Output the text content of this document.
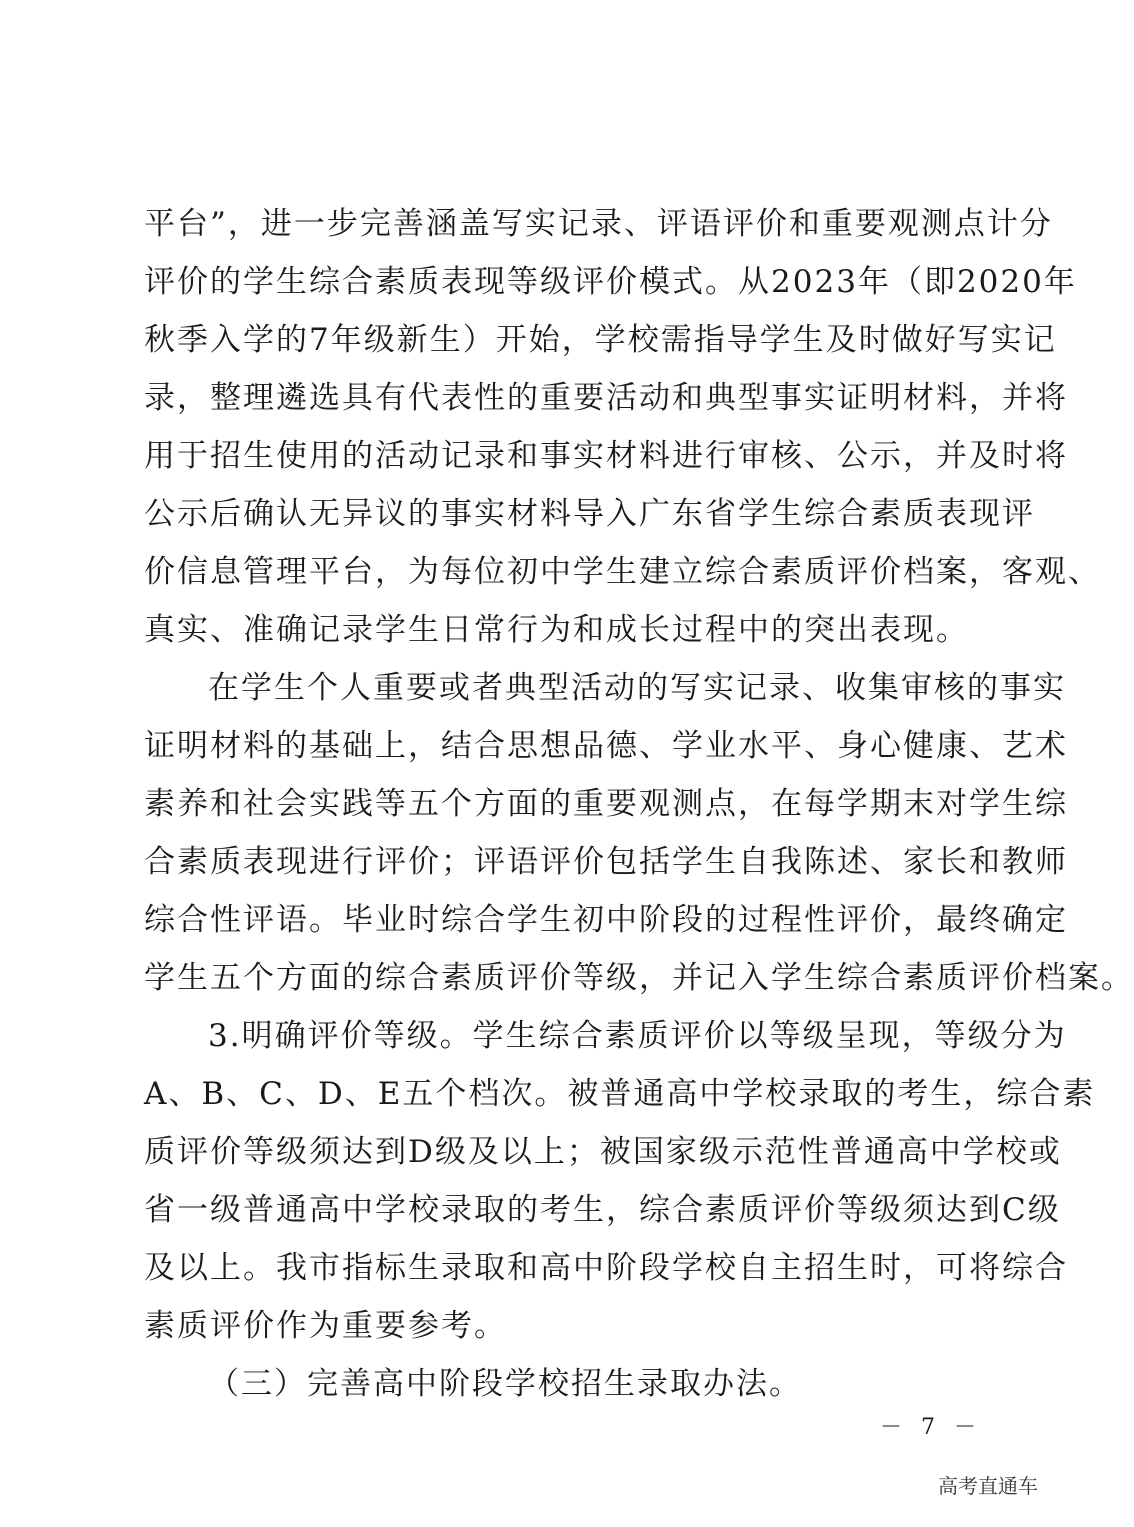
平 台 ” ， 进 一 步 完 善 涵 盖 写 实 记 录 、 评 语 评 价 和 重 要 观 测 点 计 分
评 价 的 学 生 综 合 素 质 表 现 等 级 评 价 模 式 。 从 2 0 2 3 年 （ 即 2 0 2 0 年
秋 季 入 学 的 7 年 级 新 生 ） 开 始 ， 学 校 需 指 导 学 生 及 时 做 好 写 实 记
录 ， 整 理 遴 选 具 有 代 表 性 的 重 要 活 动 和 典 型 事 实 证 明 材 料 ， 并 将
用 于 招 生 使 用 的 活 动 记 录 和 事 实 材 料 进 行 审 核 、 公 示 ， 并 及 时 将
公 示 后 确 认 无 异 议 的 事 实 材 料 导 入 广 东 省 学 生 综 合 素 质 表 现 评
价 信 息 管 理 平 台 ， 为 每 位 初 中 学 生 建 立 综 合 素 质 评 价 档 案 ， 客 观 、
真实、准确记录学生日常行为和成长过程中的突出表现。
在 学 生 个 人 重 要 或 者 典 型 活 动 的 写 实 记 录 、 收 集 审 核 的 事 实
证 明 材 料 的 基 础 上 ， 结 合 思 想 品 德 、 学 业 水 平 、 身 心 健 康 、 艺 术
素 养 和 社 会 实 践 等 五 个 方 面 的 重 要 观 测 点 ， 在 每 学 期 末 对 学 生 综
合 素 质 表 现 进 行 评 价 ； 评 语 评 价 包 括 学 生 自 我 陈 述 、 家 长 和 教 师
综 合 性 评 语 。 毕 业 时 综 合 学 生 初 中 阶 段 的 过 程 性 评 价 ， 最 终 确 定
学生五个方面的综合素质评价等级，并记入学生综合素质评价档案。
3 . 明 确 评 价 等 级 。 学 生 综 合 素 质 评 价 以 等 级 呈 现 ， 等 级 分 为
A 、 B 、 C 、 D 、 E 五 个 档 次 。 被 普 通 高 中 学 校 录 取 的 考 生 ， 综 合 素
质 评 价 等 级 须 达 到 D 级 及 以 上 ； 被 国 家 级 示 范 性 普 通 高 中 学 校 或
省 一 级 普 通 高 中 学 校 录 取 的 考 生 ， 综 合 素 质 评 价 等 级 须 达 到 C 级
及 以 上 。 我 市 指 标 生 录 取 和 高 中 阶 段 学 校 自 主 招 生 时 ， 可 将 综 合
素质评价作为重要参考。
（三）完善高中阶段学校招生录取办法。
－ 7 －
高考直通车
